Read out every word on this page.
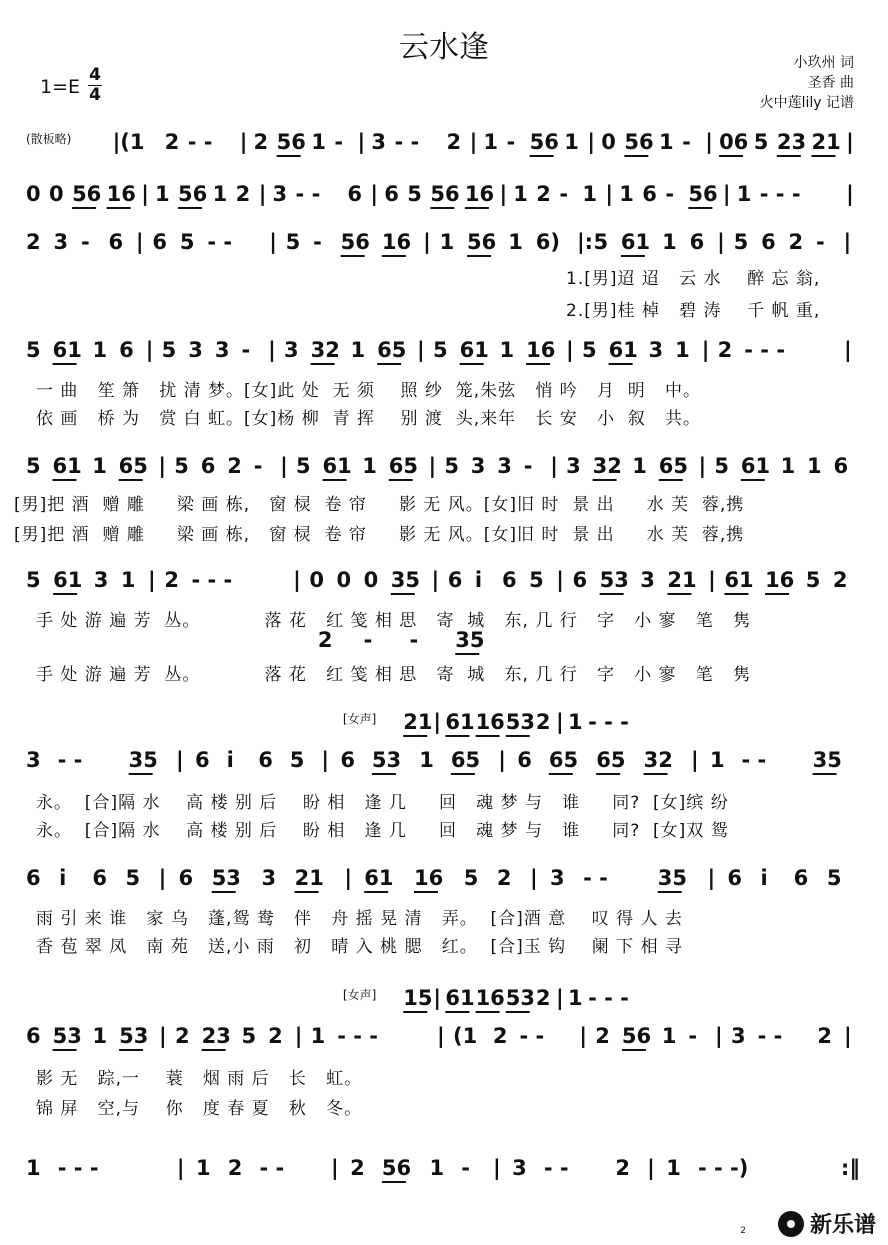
云水逢	小玖州 词
圣香 曲
火中莲lily 记谱
1=E
4
4
(散板略) |(1 2 - - | 2 56 1 - | 3 - - 2 | 1 - 56 1 | 0 56 1 - | 06 5 23 21 |
0 0 56 16 | 1 56 1 2 | 3 - - 6 | 6 5 56 16 | 1 2 - 1 | 1 6 - 56 | 1 - - - |
2 3 - 6 | 6 5 - - | 5 - 56 16 | 1 56 1 6) |: 5 61 1 6 | 5 6 2 - |
1.[男]迢 迢   云 水    醉 忘 翁,
2.[男]桂 棹   碧 涛    千 帆 重,
5 61 1 6 | 5 3 3 - | 3 32 1 65 | 5 61 1 16 | 5 61 3 1 | 2 - - -	|
一 曲   笙 箫   扰 清 梦。[女]此 处  无 须    照 纱  笼,朱弦   悄 吟   月  明   中。
依 画   桥 为   赏 白 虹。[女]杨 柳  青 挥    别 渡  头,来年   长 安   小  叙   共。
5 61 1 65 | 5 6 2 - | 5 61 1 65 | 5 3 3 - | 3 32 1 65 | 5 61 1 1 6
[男]把 酒  赠 雕     梁 画 栋,   窗 棂  卷 帘     影 无 风。[女]旧 时  景 出     水 芙  蓉,携
[男]把 酒  赠 雕     梁 画 栋,   窗 棂  卷 帘     影 无 风。[女]旧 时  景 出     水 芙  蓉,携
5 61 3 1 | 2 - - -	| 0 0 0 35 | 6 i 6 5 | 6 53 3 21 | 61 16 5 2
手 处 游 遍 芳  丛。          落 花   红 笺 相 思   寄  城   东, 几 行   字   小 寥   笔   隽
2 - - 35
手 处 游 遍 芳  丛。          落 花   红 笺 相 思   寄  城   东, 几 行   字   小 寥   笔   隽
[女声] 21 | 61 16 53 2 | 1 - - -
3 - - 35 | 6 i 6 5 | 6 53 1 65 | 6 65 65 32 | 1 - - 35
永。  [合]隔 水    高 楼 别 后    盼 相   逢 几     回   魂 梦 与   谁     同?  [女]缤 纷
永。  [合]隔 水    高 楼 别 后    盼 相   逢 几     回   魂 梦 与   谁     同?  [女]双 鸳
6 i 6 5 | 6 53 3 21 | 61 16 5 2 | 3 - - 35 | 6 i 6 5
雨 引 来 谁   家 乌   蓬,鸳 鸯   伴   舟 摇 晃 清   弄。  [合]酒 意    叹 得 人 去
香 苞 翠 凤   南 苑   送,小 雨   初   晴 入 桃 腮   红。  [合]玉 钩    阑 下 相 寻
[女声] 15 | 61 16 53 2 | 1 - - -
6 53 1 53 | 2 23 5 2 | 1 - - -	| (1 2 - - | 2 56 1 - | 3 - - 2 |
影 无   踪,一    蓑   烟 雨 后   长   虹。
锦 屏   空,与    你   度 春 夏   秋   冬。
1 - - -	| 1 2 - - | 2 56 1 - | 3 - - 2 | 1 - - -)	:‖
2	新乐谱
